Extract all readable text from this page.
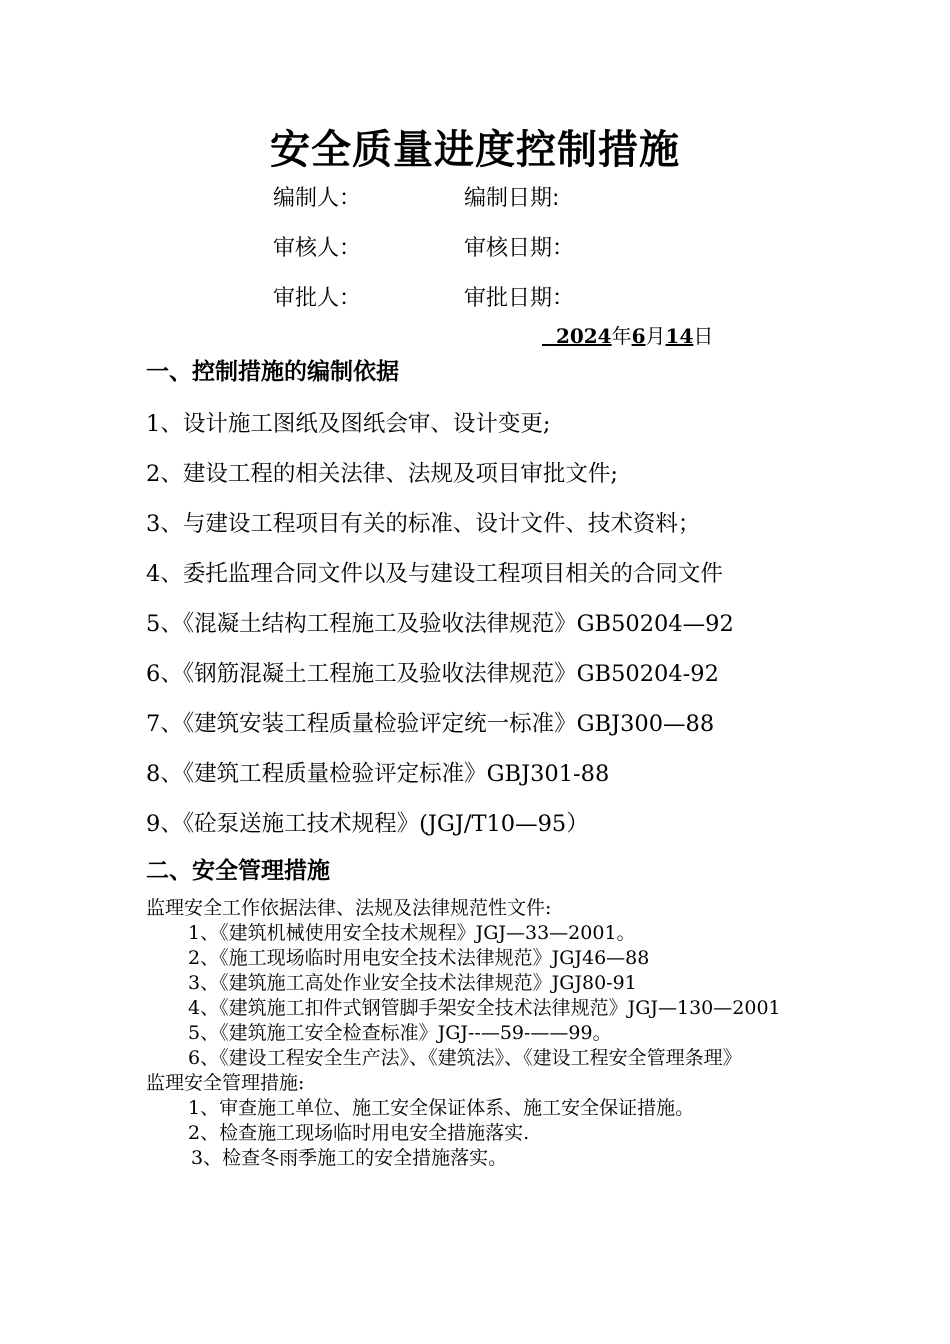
安全质量进度控制措施
编制人：	编制日期:
审核人：	审核日期：
审批人：	审批日期：
2024年6月14日
一、控制措施的编制依据
1、设计施工图纸及图纸会审、设计变更;
2、建设工程的相关法律、法规及项目审批文件;
3、与建设工程项目有关的标准、设计文件、技术资料；
4、委托监理合同文件以及与建设工程项目相关的合同文件
5、《混凝土结构工程施工及验收法律规范》GB50204—92
6、《钢筋混凝土工程施工及验收法律规范》GB50204-92
7、《建筑安装工程质量检验评定统一标准》GBJ300—88
8、《建筑工程质量检验评定标准》GBJ301-88
9、《砼泵送施工技术规程》(JGJ/T10—95）
二、安全管理措施

监理安全工作依据法律、法规及法律规范性文件:

1、《建筑机械使用安全技术规程》JGJ—33—2001。

2、《施工现场临时用电安全技术法律规范》JGJ46—88

3、《建筑施工高处作业安全技术法律规范》JGJ80-91

4、《建筑施工扣件式钢管脚手架安全技术法律规范》JGJ—130—2001

5、《建筑施工安全检查标准》JGJ--—59-——99。

6、《建设工程安全生产法》、《建筑法》、《建设工程安全管理条理》

监理安全管理措施:

1、审查施工单位、施工安全保证体系、施工安全保证措施。

2、检查施工现场临时用电安全措施落实.

3、检查冬雨季施工的安全措施落实。
